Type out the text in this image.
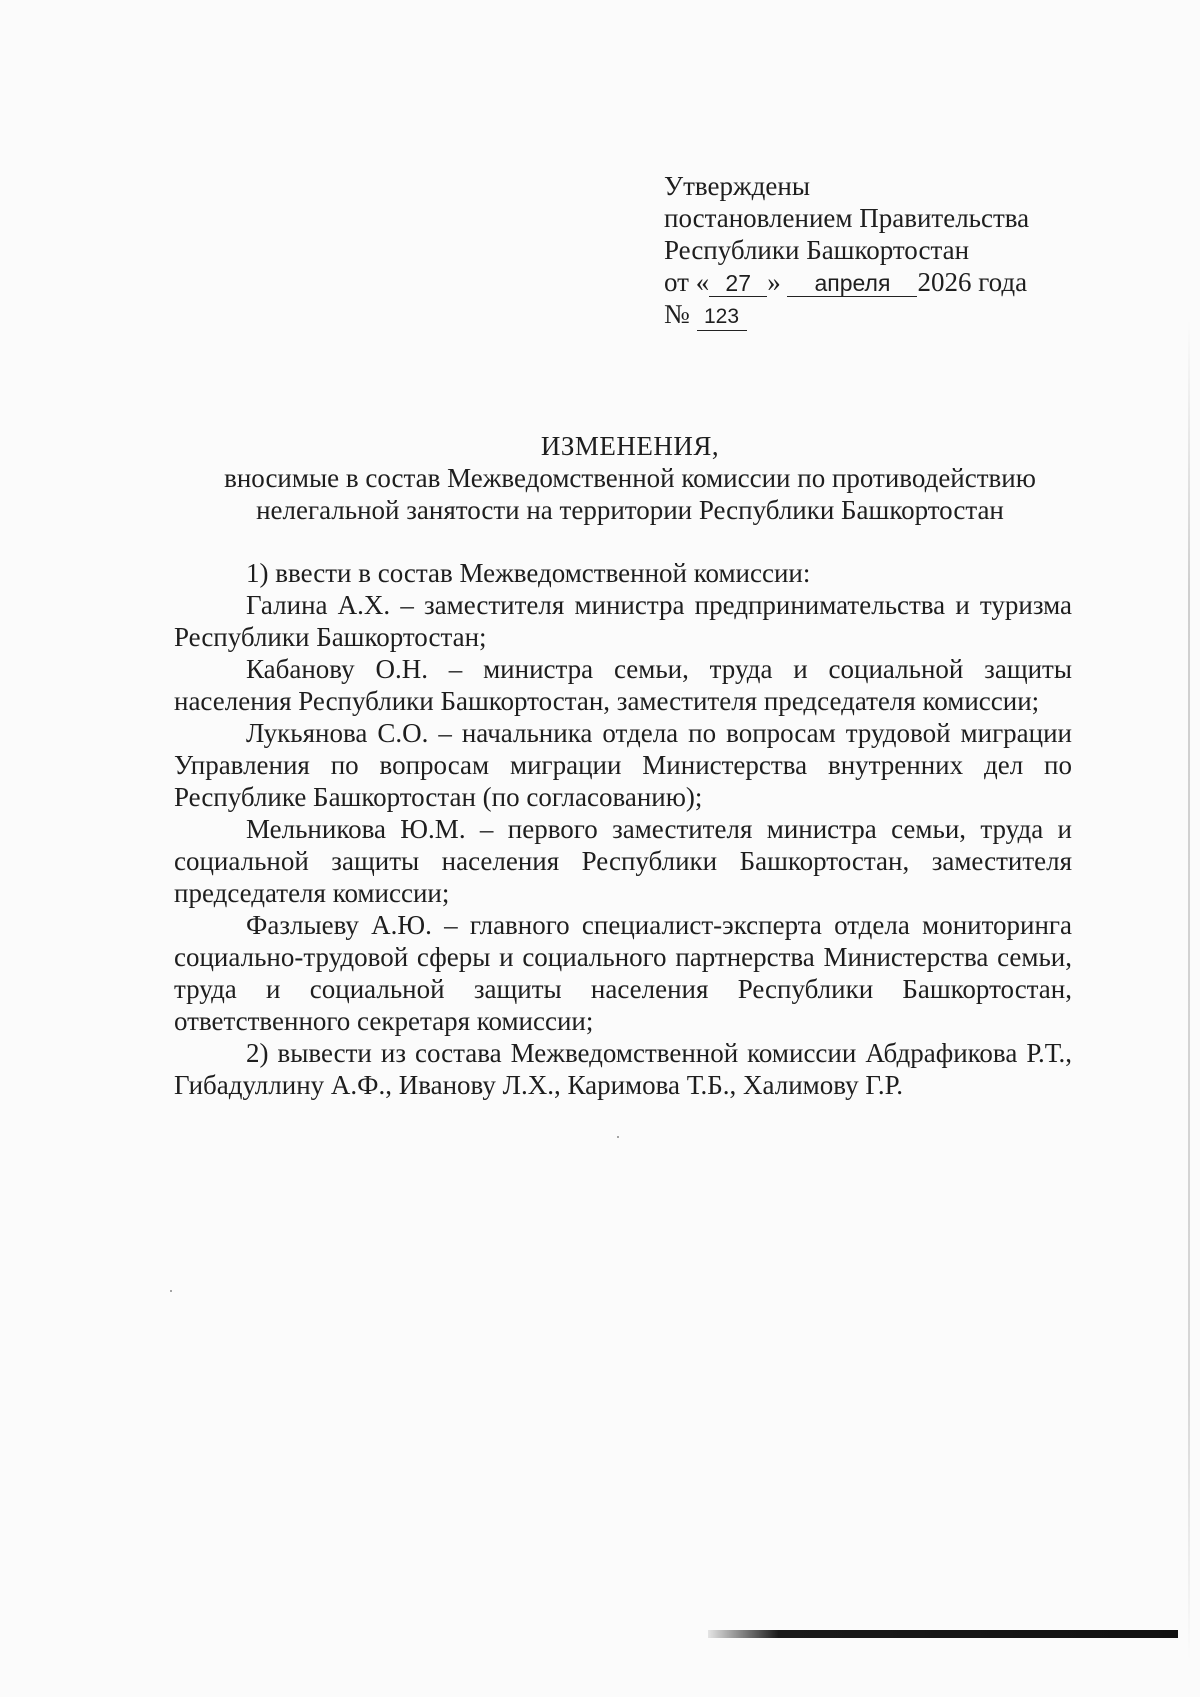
Утверждены
постановлением Правительства
Республики Башкортостан
от « 27 » апреля 2026 года
№ 123
ИЗМЕНЕНИЯ,
вносимые в состав Межведомственной комиссии по противодействию
нелегальной занятости на территории Республики Башкортостан

1) ввести в состав Межведомственной комиссии:

Галина А.Х. – заместителя министра предпринимательства и туризма Республики Башкортостан;

Кабанову О.Н. – министра семьи, труда и социальной защиты населения Республики Башкортостан, заместителя председателя комиссии;

Лукьянова С.О. – начальника отдела по вопросам трудовой миграции Управления по вопросам миграции Министерства внутренних дел по Республике Башкортостан (по согласованию);

Мельникова Ю.М. – первого заместителя министра семьи, труда и социальной защиты населения Республики Башкортостан, заместителя председателя комиссии;

Фазлыеву А.Ю. – главного специалист-эксперта отдела мониторинга социально-трудовой сферы и социального партнерства Министерства семьи, труда и социальной защиты населения Республики Башкортостан, ответственного секретаря комиссии;

2) вывести из состава Межведомственной комиссии Абдрафикова Р.Т., Гибадуллину А.Ф., Иванову Л.Х., Каримова Т.Б., Халимову Г.Р.
